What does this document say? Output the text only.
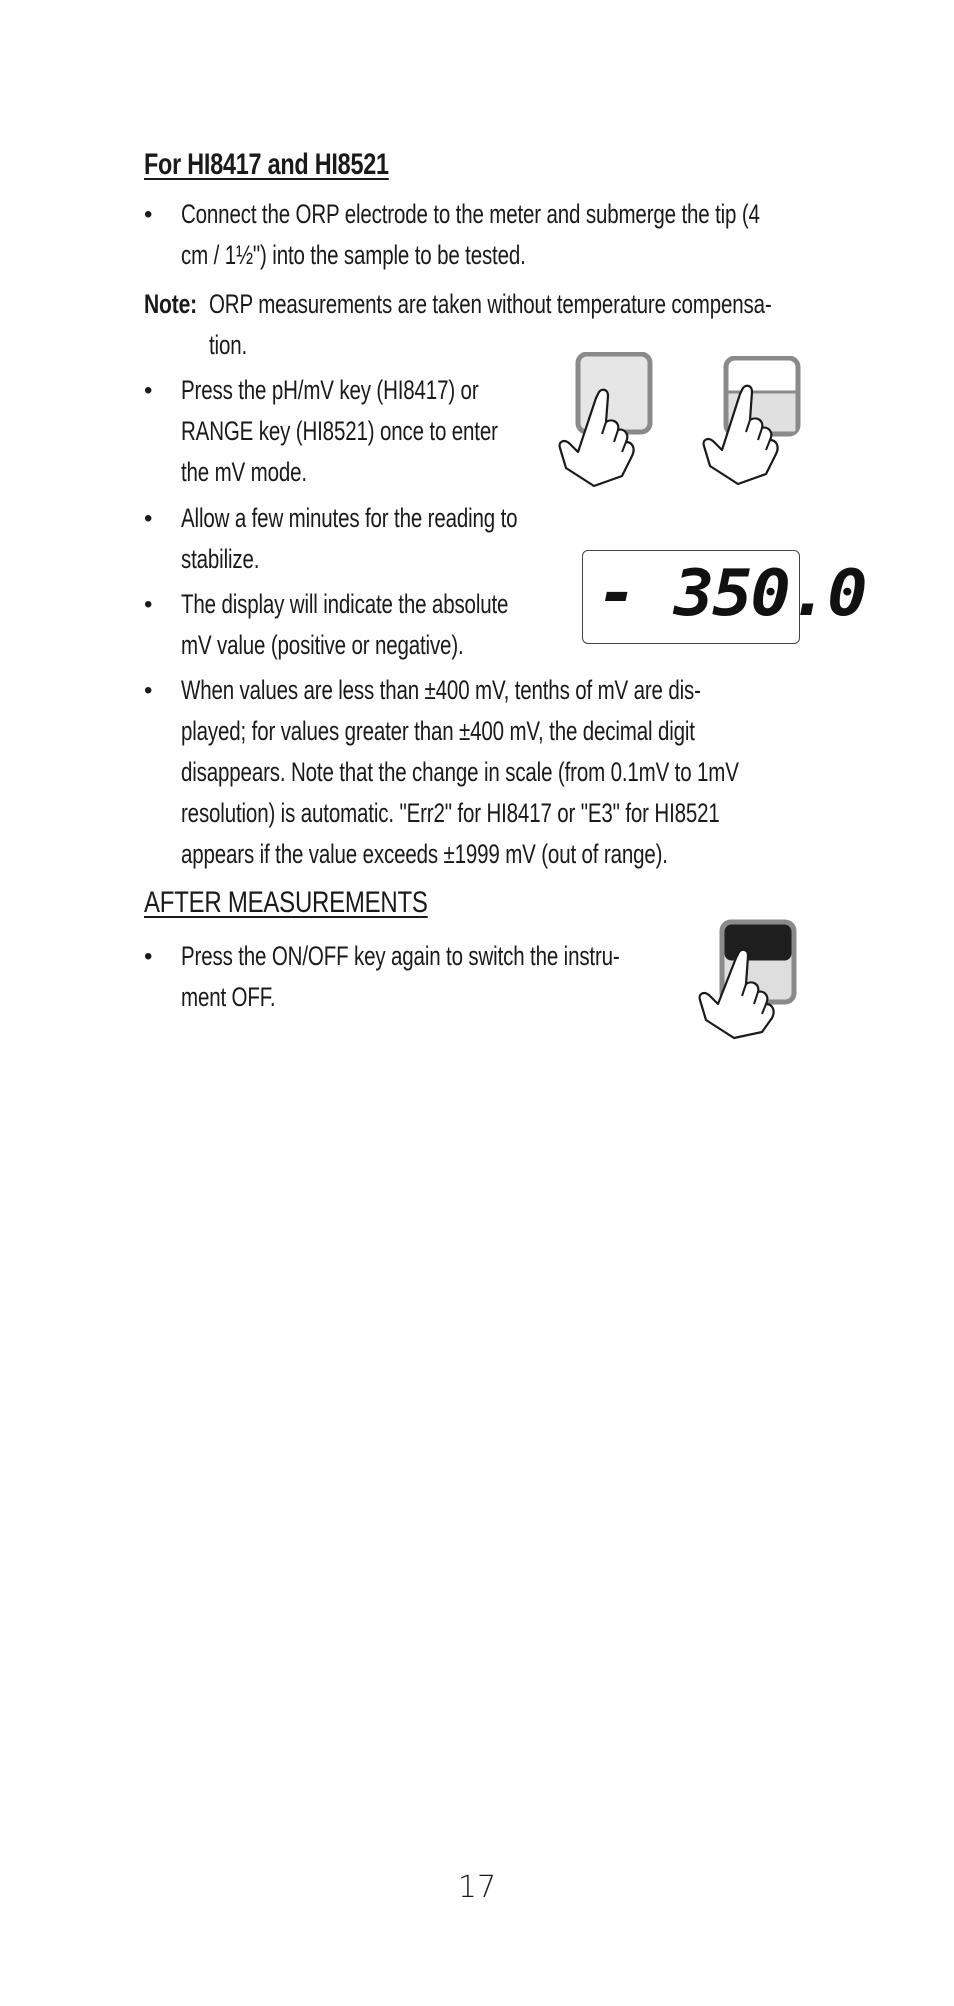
For HI8417 and HI8521
• Connect the ORP electrode to the meter and submerge the tip (4
cm / 1½") into the sample to be tested.
Note: ORP measurements are taken without temperature compensa-
tion.
• Press the pH/mV key (HI8417) or
RANGE key (HI8521) once to enter
the mV mode.
• Allow a few minutes for the reading to
stabilize.
• The display will indicate the absolute
mV value (positive or negative).
• When values are less than ±400 mV, tenths of mV are dis-
played; for values greater than ±400 mV, the decimal digit
disappears. Note that the change in scale (from 0.1mV to 1mV
resolution) is automatic. "Err2" for HI8417 or "E3" for HI8521
appears if the value exceeds ±1999 mV (out of range).
AFTER MEASUREMENTS
• Press the ON/OFF key again to switch the instru-
ment OFF.
- 350.0
17
